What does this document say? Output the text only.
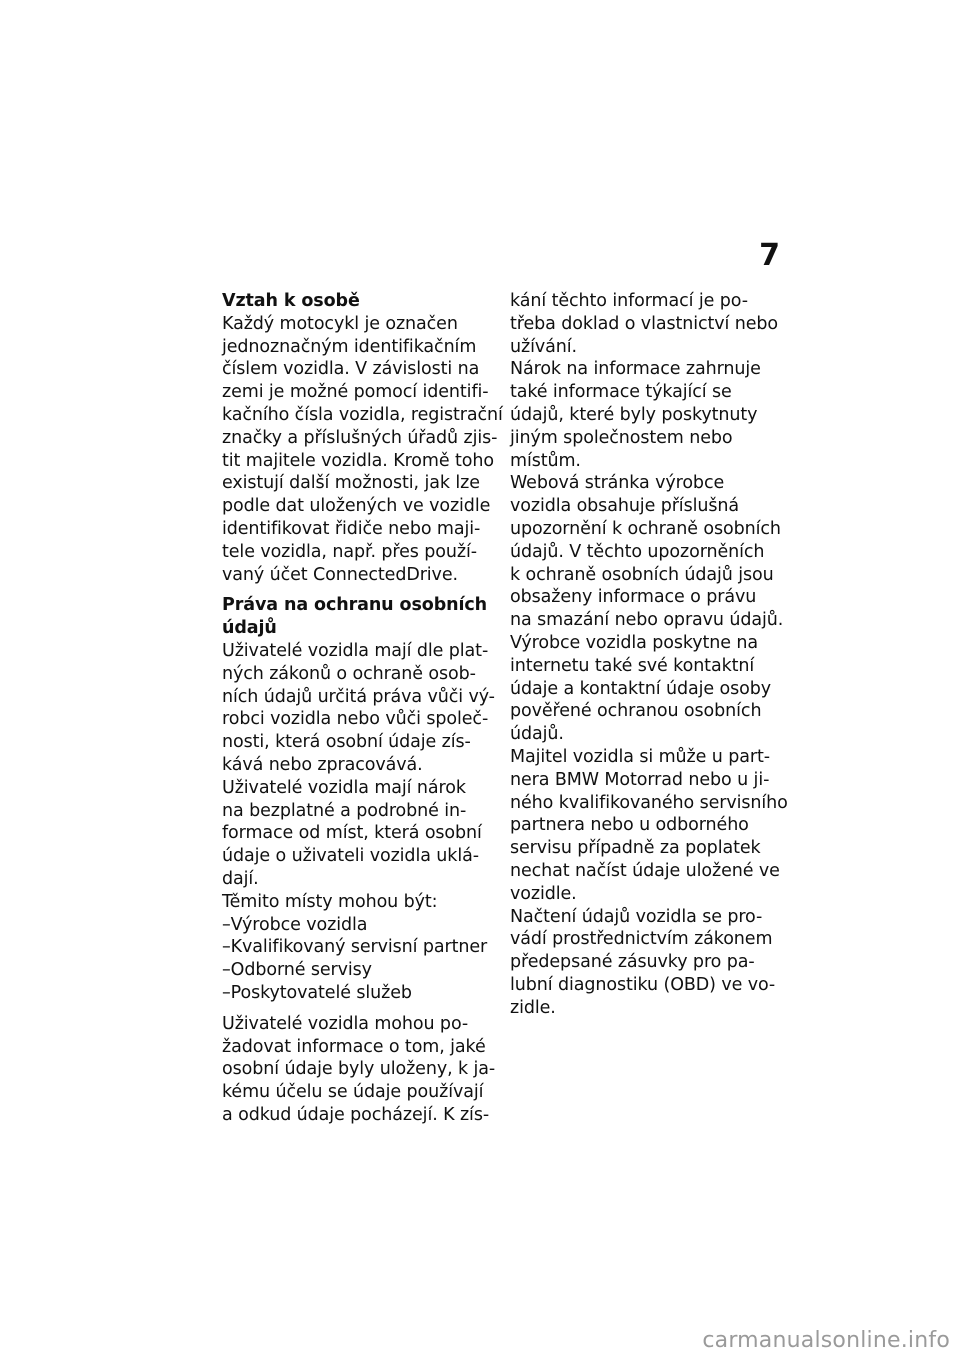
7
Vztah k osobě
Každý motocykl je označen
jednoznačným identifikačním
číslem vozidla. V závislosti na
zemi je možné pomocí identifi-
kačního čísla vozidla, registrační
značky a příslušných úřadů zjis-
tit majitele vozidla. Kromě toho
existují další možnosti, jak lze
podle dat uložených ve vozidle
identifikovat řidiče nebo maji-
tele vozidla, např. přes použí-
vaný účet ConnectedDrive.
Práva na ochranu osobních
údajů
Uživatelé vozidla mají dle plat-
ných zákonů o ochraně osob-
ních údajů určitá práva vůči vý-
robci vozidla nebo vůči společ-
nosti, která osobní údaje zís-
kává nebo zpracovává.
Uživatelé vozidla mají nárok
na bezplatné a podrobné in-
formace od míst, která osobní
údaje o uživateli vozidla uklá-
dají.
Těmito místy mohou být:
–Výrobce vozidla
–Kvalifikovaný servisní partner
–Odborné servisy
–Poskytovatelé služeb
Uživatelé vozidla mohou po-
žadovat informace o tom, jaké
osobní údaje byly uloženy, k ja-
kému účelu se údaje používají
a odkud údaje pocházejí. K zís-
kání těchto informací je po-
třeba doklad o vlastnictví nebo
užívání.
Nárok na informace zahrnuje
také informace týkající se
údajů, které byly poskytnuty
jiným společnostem nebo
místům.
Webová stránka výrobce
vozidla obsahuje příslušná
upozornění k ochraně osobních
údajů. V těchto upozorněních
k ochraně osobních údajů jsou
obsaženy informace o právu
na smazání nebo opravu údajů.
Výrobce vozidla poskytne na
internetu také své kontaktní
údaje a kontaktní údaje osoby
pověřené ochranou osobních
údajů.
Majitel vozidla si může u part-
nera BMW Motorrad nebo u ji-
ného kvalifikovaného servisního
partnera nebo u odborného
servisu případně za poplatek
nechat načíst údaje uložené ve
vozidle.
Načtení údajů vozidla se pro-
vádí prostřednictvím zákonem
předepsané zásuvky pro pa-
lubní diagnostiku (OBD) ve vo-
zidle.
carmanualsonline.info
